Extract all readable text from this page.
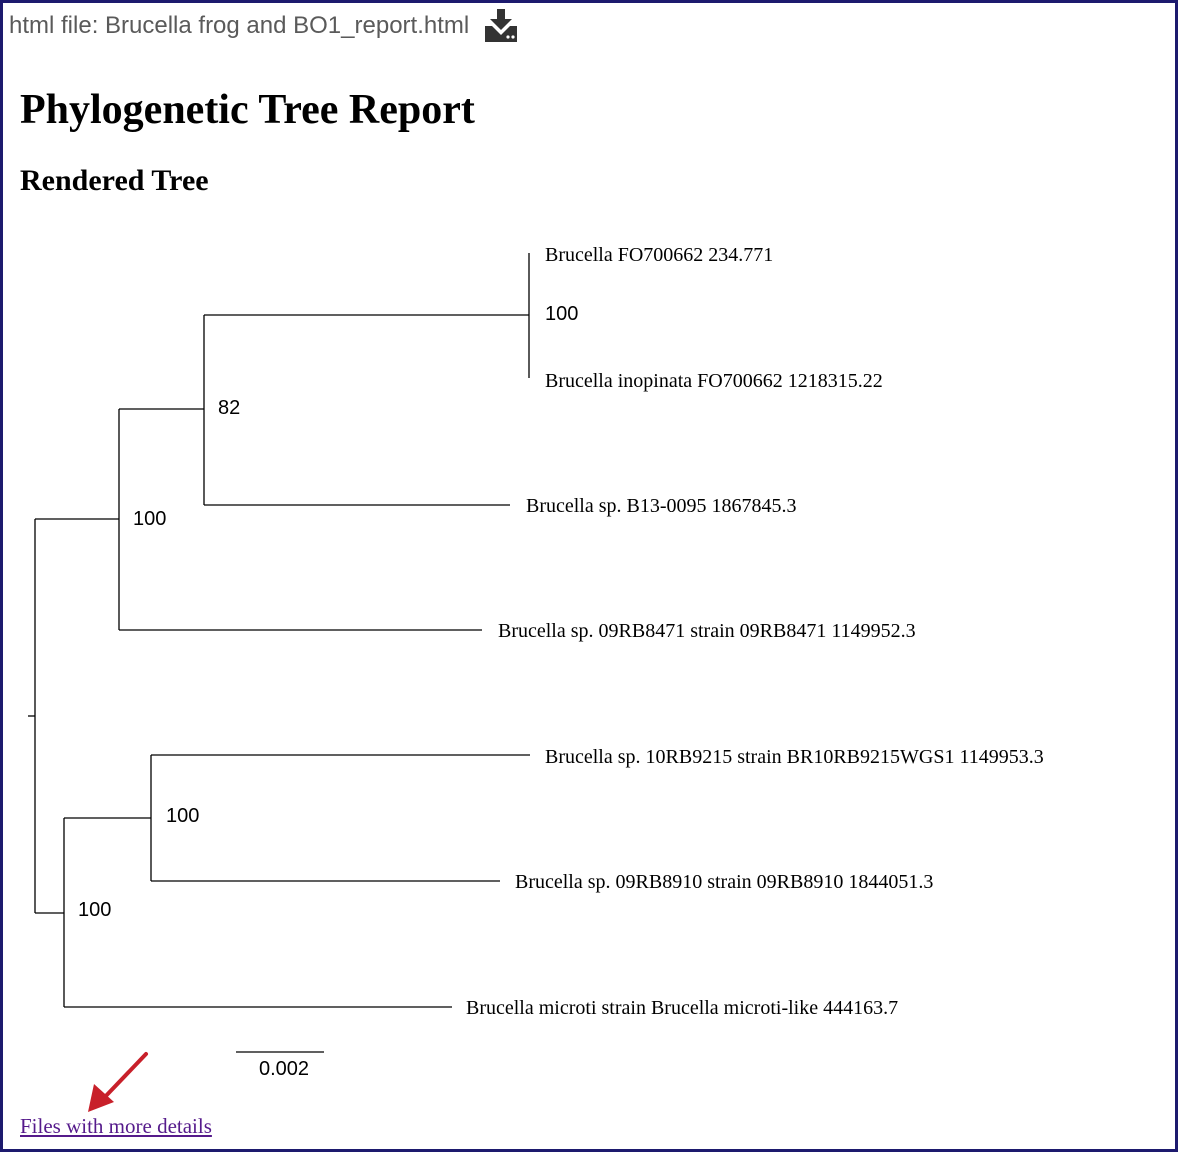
html file: Brucella frog and BO1_report.html
Phylogenetic Tree Report
Rendered Tree
100
82
100
Brucella FO700662 234.771
Brucella inopinata FO700662 1218315.22
Brucella sp. B13-0095 1867845.3
Brucella sp. 09RB8471 strain 09RB8471 1149952.3
100
100
Brucella sp. 10RB9215 strain BR10RB9215WGS1 1149953.3
Brucella sp. 09RB8910 strain 09RB8910 1844051.3
Brucella microti strain Brucella microti-like 444163.7
0.002
Files with more details
